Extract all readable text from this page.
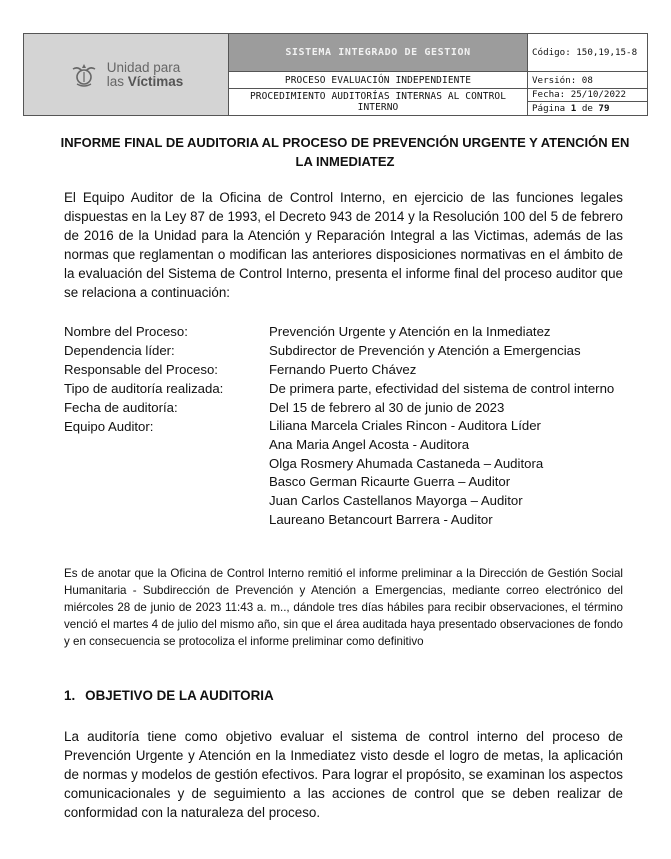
Unidad para
las Víctimas	SISTEMA INTEGRADO DE GESTION	Código: 150,19,15-8
	PROCESO EVALUACIÓN INDEPENDIENTE	Versión: 08
	PROCEDIMIENTO AUDITORÍAS INTERNAS AL CONTROL INTERNO	Fecha: 25/10/2022
Página 1 de 79
INFORME FINAL DE AUDITORIA AL PROCESO DE PREVENCIÓN URGENTE Y ATENCIÓN EN LA INMEDIATEZ

El Equipo Auditor de la Oficina de Control Interno, en ejercicio de las funciones legales dispuestas en la Ley 87 de 1993, el Decreto 943 de 2014 y la Resolución 100 del 5 de febrero de 2016 de la Unidad para la Atención y Reparación Integral a las Victimas, además de las normas que reglamentan o modifican las anteriores disposiciones normativas en el ámbito de la evaluación del Sistema de Control Interno, presenta el informe final del proceso auditor que se relaciona a continuación:

Nombre del Proceso:	Prevención Urgente y Atención en la Inmediatez
Dependencia líder:	Subdirector de Prevención y Atención a Emergencias
Responsable del Proceso:	Fernando Puerto Chávez
Tipo de auditoría realizada:	De primera parte, efectividad del sistema de control interno
Fecha de auditoría:	Del 15 de febrero al 30 de junio de 2023
Equipo Auditor:	Liliana Marcela Criales Rincon - Auditora Líder
Ana Maria Angel Acosta - Auditora
Olga Rosmery Ahumada Castaneda – Auditora
Basco German Ricaurte Guerra – Auditor
Juan Carlos Castellanos Mayorga – Auditor
Laureano Betancourt Barrera - Auditor

Es de anotar que la Oficina de Control Interno remitió el informe preliminar a la Dirección de Gestión Social Humanitaria - Subdirección de Prevención y Atención a Emergencias, mediante correo electrónico del miércoles 28 de junio de 2023 11:43 a. m.., dándole tres días hábiles para recibir observaciones, el término venció el martes 4 de julio del mismo año, sin que el área auditada haya presentado observaciones de fondo y en consecuencia se protocoliza el informe preliminar como definitivo

1. OBJETIVO DE LA AUDITORIA

La auditoría tiene como objetivo evaluar el sistema de control interno del proceso de Prevención Urgente y Atención en la Inmediatez visto desde el logro de metas, la aplicación de normas y modelos de gestión efectivos. Para lograr el propósito, se examinan los aspectos comunicacionales y de seguimiento a las acciones de control que se deben realizar de conformidad con la naturaleza del proceso.
